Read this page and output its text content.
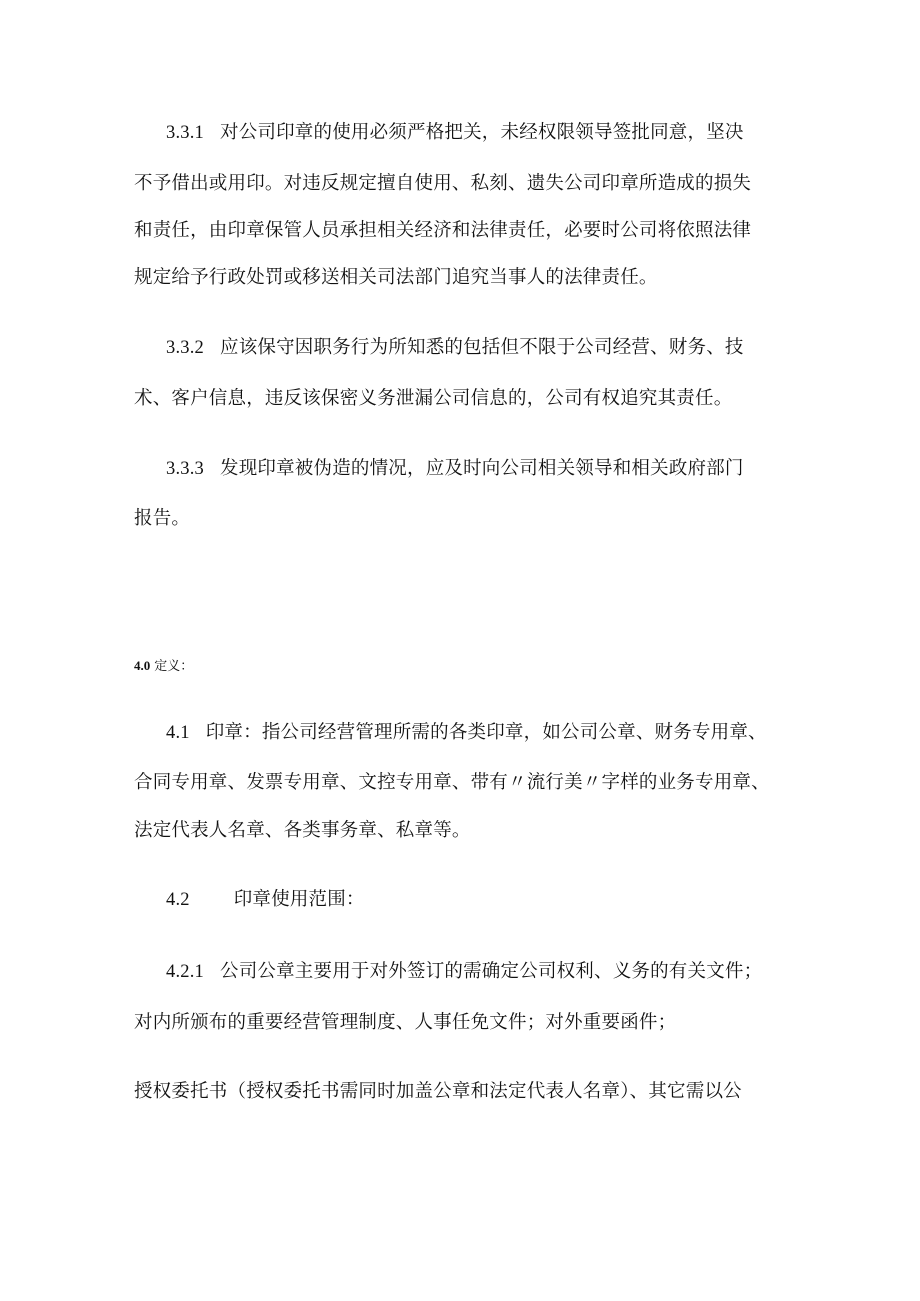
3.3.1 对公司印章的使用必须严格把关，未经权限领导签批同意，坚决
不予借出或用印。对违反规定擅自使用、私刻、遗失公司印章所造成的损失
和责任，由印章保管人员承担相关经济和法律责任，必要时公司将依照法律
规定给予行政处罚或移送相关司法部门追究当事人的法律责任。
3.3.2 应该保守因职务行为所知悉的包括但不限于公司经营、财务、技
术、客户信息，违反该保密义务泄漏公司信息的，公司有权追究其责任。
3.3.3 发现印章被伪造的情况，应及时向公司相关领导和相关政府部门
报告。
4.0 定义：
4.1 印章：指公司经营管理所需的各类印章，如公司公章、财务专用章、
合同专用章、发票专用章、文控专用章、带有〃流行美〃字样的业务专用章、
法定代表人名章、各类事务章、私章等。
4.2 印章使用范围：
4.2.1 公司公章主要用于对外签订的需确定公司权利、义务的有关文件；
对内所颁布的重要经营管理制度、人事任免文件；对外重要函件；
授权委托书（授权委托书需同时加盖公章和法定代表人名章）、其它需以公
